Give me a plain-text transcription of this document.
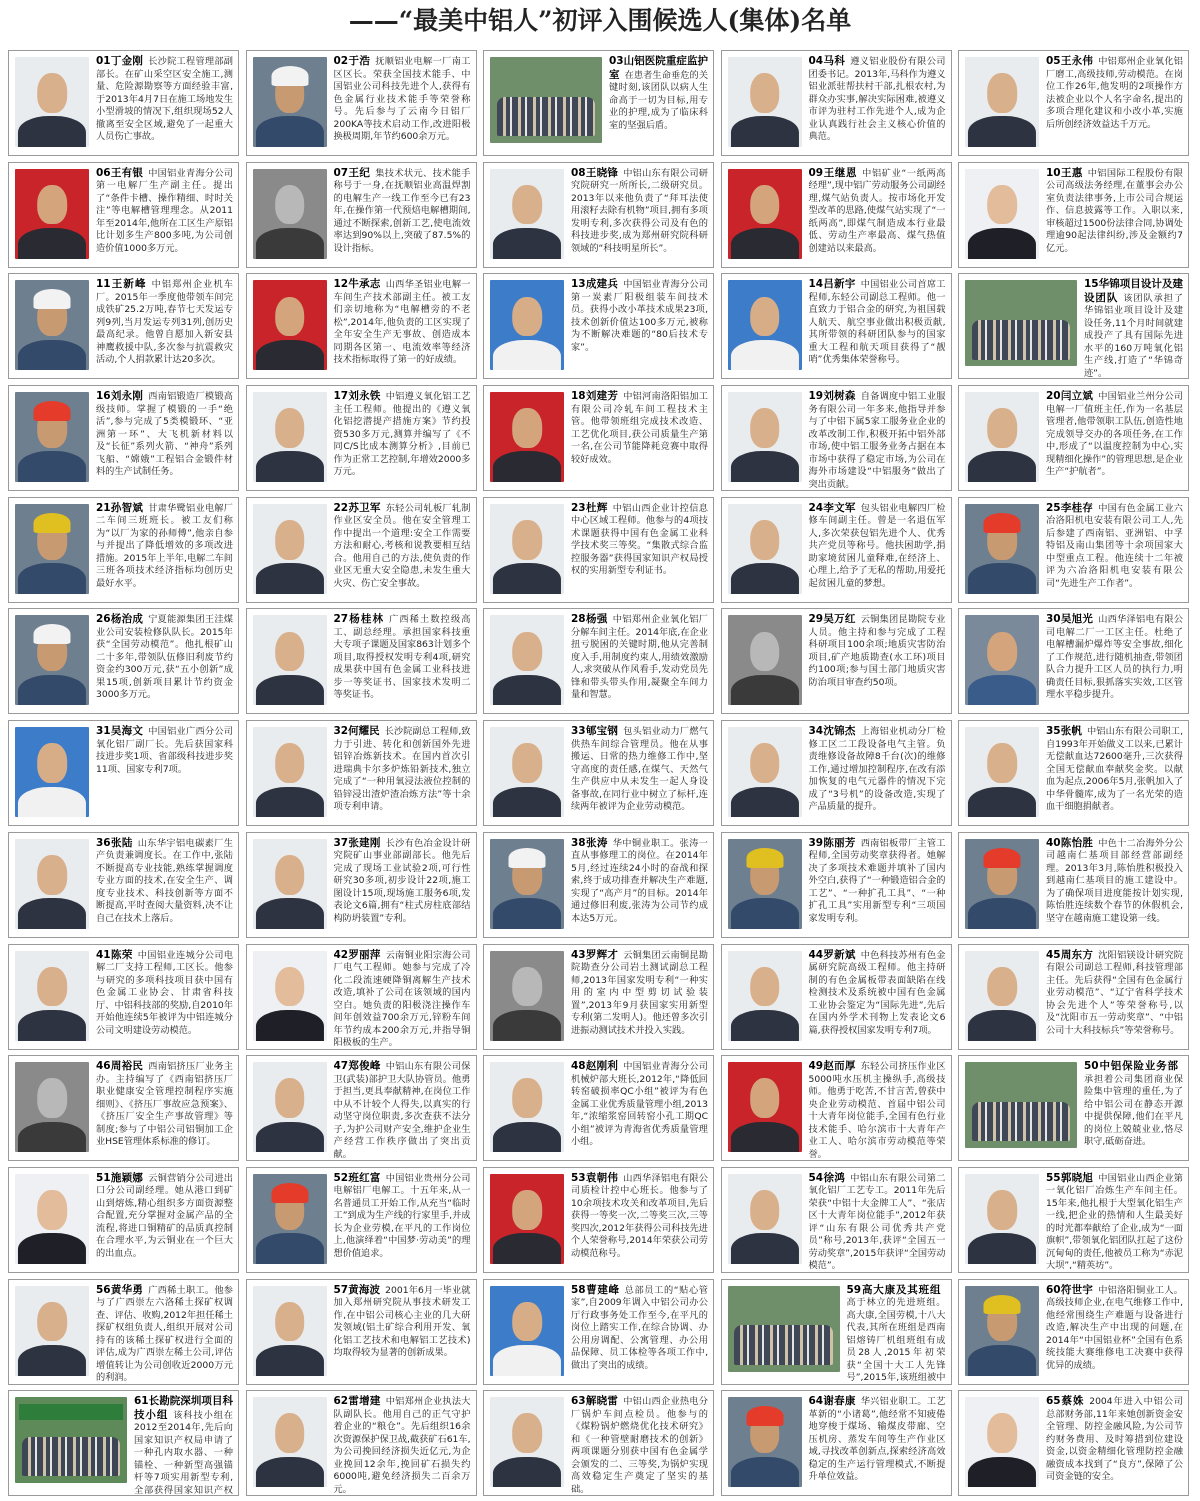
——“最美中铝人”初评入围候选人(集体)名单
01丁金刚 长沙院工程管理部副部长。在矿山采空区安全施工,测量、危险源勘察等方面经验丰富,于2013年4月7日在施工场地发生小型滑坡的情况下,组织现场52人撤离至安全区域,避免了一起重大人员伤亡事故。
02于浩 抚顺铝业电解一厂南工区区长。荣获全国技术能手、中国铝业公司科技先进个人,获得有色金属行业技术能手等荣誉称号。先后参与了云南今日铝厂200KA等技术启动工作,改进阳极换极周期,年节约600余万元。
03山铝医院重症监护室 在患者生命垂危的关键时刻,该团队以病人生命高于一切为目标,用专业的护理,成为了临床科室的坚强后盾。
04马科 遵义铝业股份有限公司团委书记。2013年,马科作为遵义铝业派驻帮扶村干部,扎根农村,为群众办实事,解决实际困难,被遵义市评为驻村工作先进个人,成为企业认真践行社会主义核心价值的典范。
05王永伟 中铝郑州企业氧化铝厂磨工,高级技师,劳动模范。在岗位工作26年,他发明的2项操作方法被企业以个人名字命名,提出的多项合理化建议和小改小革,实施后所创经济效益达千万元。
06王有银 中国铝业青海分公司第一电解厂生产副主任。提出了“条件卡槽、操作精细、时时关注”等电解槽管理理念。从2011年至2014年,他所在工区生产原铝比计划多生产800多吨,为公司创造价值1000多万元。
07王纪 集技术状元、技术能手称号于一身,在抚顺铝业高温焊割的电解生产一线工作至今已有23年,在操作第一代预焙电解槽期间,通过不断探索,创新工艺,使电流效率达到90%以上,突破了87.5%的设计指标。
08王晓锋 中铝山东有限公司研究院研究一所所长,二级研究员。2013年以来他负责了“拜耳法使用滚籽去除有机物”项目,拥有多项发明专利,多次获得公司及有色的科技进步奖,成为郑州研究院科研领域的“科技明星所长”。
09王继恩 中铝矿业“一纸两高经理”,现中铝广劳动服务公司副经理,煤气站负责人。按市场化开发型改革的思路,使煤气站实现了“一纸两高”,即煤气制造成本行业最低、劳动生产率最高、煤气热值创建站以来最高。
10王惠 中铝国际工程股份有限公司高级法务经理,在董事会办公室负责法律事务,上市公司合规运作、信息披露等工作。入职以来,审核超过1500份法律合同,协调处理逾90起法律纠纷,涉及金额约7亿元。
11王新峰 中铝郑州企业机车厂。2015年一季度他带领车间完成铁矿25.2万吨,春节七天发运专列9列,当月发运专列31列,创历史最高纪录。他曾自愿加入新安县神鹰救援中队,多次参与抗震救灾活动,个人捐款累计达20多次。
12牛承志 山西华圣铝业电解一车间生产技术部副主任。被工友们亲切地称为“电解槽旁的不老松”,2014年,他负责的工区实现了全年安全生产无事故、创造成本同期各区第一、电流效率等经济技术指标取得了第一的好成绩。
13成建兵 中国铝业青海分公司第一炭素厂阳极组装车间技术员。获得小改小革技术成果23项,技术创新价值达100多万元,被称为不断解决难题的“80后技术专家”。
14吕新宇 中国铝业公司首席工程师,东轻公司副总工程师。他一直致力于铝合金的研究,为祖国载人航天、航空事业做出积极贡献,其所带领的科研团队参与的国家重大工程和航天项目获得了“靓哨”优秀集体荣誉称号。
15华锦项目设计及建设团队 该团队承担了华锦铝业项目设计及建设任务,11个月时间就建成投产了具有国际先进水平的160万吨氧化铝生产线,打造了“华锦奇迹”。
16刘永刚 西南铝锻造厂模锻高级技师。掌握了模锻的一手“绝活”,参与完成了5类模锻环、“亚洲第一环”、大飞机新材料以及“长征”系列火箭、“神舟”系列飞船、“嫦娥”工程铝合金锻件材料的生产试制任务。
17刘永铁 中铝遵义氧化铝工艺主任工程师。他提出的《遵义氧化铝挖潜提产措施方案》节约投资530多万元,测算并编写了《不同C/S比成本测算分析》,目前已作为正常工艺控制,年增效2000多万元。
18刘建芳 中铝河南洛阳铝加工有限公司冷轧车间工程技术主管。他带领班组完成技术改造、工艺优化项目,获公司质量生产第一名,在公司节能降耗竞赛中取得较好成效。
19刘树森 自备调度中铝工业服务有限公司一年多来,他指导并参与了中铝下属5家工服务业企业的改革改制工作,积极开拓中铝外部市场,使中铝工服务业务占据在本市场中获得了稳定市场,为公司在海外市场建设“中铝服务”做出了突出贡献。
20闫立斌 中国铝业兰州分公司电解一厂值班主任,作为一名基层管理者,他带领职工队伍,创造性地完成领导交办的各项任务,在工作中,形成了“以温度控制为中心,实现精细化操作”的管理思想,是企业生产“护航者”。
21孙智斌 甘肃华鹭铝业电解厂二车间三班班长。被工友们称为“以厂为家的孙师傅”,他亲自参与并提出了降低增效的多项改进措施。2015年上半年,电解二车间三班各项技术经济指标均创历史最好水平。
22苏卫军 东轻公司轧板厂轧制作业区安全员。他在安全管理工作中提出一个道理:安全工作需要方法和耐心,考核和说教要相互结合。他用自己的方法,使负责的作业区无重大安全隐患,未发生重大火灾、伤亡安全事故。
23杜辉 中铝山西企业计控信息中心区域工程师。他参与的4项技术课题获得中国有色金属工业科学技术奖三等奖。“集散式综合监控服务器”获得国家知识产权局授权的实用新型专利证书。
24李文军 包头铝业电解四厂检修车间副主任。曾是一名退伍军人,多次荣获包铝先进个人、优秀共产党员等称号。他扶困助学,捐助家境贫困儿童释难,在经济上、心理上,给予了无私的帮助,用爱托起贫困儿童的梦想。
25李桂存 中国有色金属工业六冶洛阳机电安装有限公司工人,先后参建了西南铝、亚洲铝、中孚特铝及南山集团等十余项国家大中型重点工程。他连续十二年被评为六冶洛阳机电安装有限公司“先进生产工作者”。
26杨治成 宁夏能源集团王洼煤业公司安装检修队队长。2015年获“全国劳动模范”。他扎根矿山二十多年,带领队伍修旧利废节约资金约300万元,获“五小创新”成果15项,创新项目累计节约资金3000多万元。
27杨桂林 广西稀土数控级高工、副总经理。承担国家科技重大专项子课题及国家863计划多个项目,取得授权发明专利4项,研究成果获中国有色金属工业科技进步一等奖证书、国家技术发明二等奖证书。
28杨强 中铝郑州企业氧化铝厂分解车间主任。2014年底,在企业扭亏脱困的关键时期,他从完善制度入手,用制度约束人,用绩效激励人,求突破从作风看手,发动党员先锋和带头带头作用,凝聚全车间力量和智慧。
29吴万红 云铜集团昆勘院专业人员。他主持和参与完成了工程科研项目100余项;地质灾害防治项目,矿产地质勘查(水工环)项目约100项;参与国土部门地质灾害防治项目审查约50项。
30吴旭光 山西华泽铝电有限公司电解二厂一工区主任。杜绝了电解槽漏炉爆炸等安全事故,细化了工作规范,进行随机抽查,带领团队合力提升工区人员的执行力,明确责任目标,狠抓落实实效,工区管理水平稳步提升。
31吴海文 中国铝业广西分公司氧化铝厂副厂长。先后获国家科技进步奖1项、省部级科技进步奖11项、国家专利7项。
32何耀民 长沙院副总工程师,致力于引进、转化和创新国外先进铝锌冶炼新技术。在国内首次引进瑞典卡尔多炉炼铅新技术,独立完成了“一种用氧浸法液位控制的铅锌浸出渣炉渣冶炼方法”等十余项专利申请。
33郇宝钢 包头铝业动力厂燃气供热车间综合管理员。他在从事搬运、日常的热力维修工作中,坚守高度的责任感,在煤气、天然气生产供应中从未发生一起人身设备事故,在同行业中树立了标杆,连续两年被评为企业劳动模范。
34沈锦杰 上海铝业机动分厂检修工区二工段设备电气主管。负责维修设备故障8千台(次)的维修工作,通过增加控制程序,在改有添加恢复的电气元器件的情况下完成了“3号机”的设备改造,实现了产品质量的提升。
35张帆 中铝山东有限公司职工,自1993年开始做义工以来,已累计无偿献血达72600毫升,三次获得全国无偿献血奉献奖金奖。以献血为起点,2006年5月,张帆加入了中华骨髓库,成为了一名光荣的造血干细胞捐献者。
36张陆 山东华宇铝电碳素厂生产负责兼调度长。在工作中,张陆不断提高专业技能,熟练掌握调度专业方面的技术,在安全生产、调度专业技术、科技创新等方面不断提高,平时查阅大量资料,决不让自己在技术上落后。
37张建刚 长沙有色冶金设计研究院矿山事业部副部长。他先后完成了现场工业试验2项,可行性研究30多项,初步设计22项,施工图设计15项,现场施工服务6项,发表论文6篇,拥有“柱式房柱底部结构防坍装置”专利。
38张涛 华中铜业职工。张涛一直从事修理工的岗位。在2014年5月,经过连续24小时的奋战和探索,终于成功排查并解决生产难题,实现了“高产月”的目标。2014年通过修旧利废,张涛为公司节约成本达5万元。
39陈丽芳 西南铝板带厂主管工程师,全国劳动奖章获得者。她解决了多项技术难题并填补了国内外空白,获得了“一种锻造铝合金的工艺”、“一种扩孔工具”、“一种扩孔工具”实用新型专利“三项国家发明专利。
40陈怡胜 中色十二冶海外分公司越南仁基项目部经营部副经理。2013年3月,陈怡胜积极投入到越南仁基项目的施工建设中。为了确保项目进度能按计划实现,陈怡胜连续数个春节的休假机会,坚守在越南施工建设第一线。
41陈荣 中国铝业连城分公司电解二厂支持工程师,工区长。他参与研究的多项科技项目获中国有色金属工业协会、甘肃省科技厅、中铝科技部的奖励,自2010年开始他连续5年被评为中铝连城分公司文明建设劳动模范。
42罗丽萍 云南铜业阳宗海公司厂电气工程师。她参与完成了冷化二段流速硬降铜离解生产技术改造,填补了公司在该领域的国内空白。她负责的阳极浇注操作车间年创效益700余万元,锌粉车间年节约成本200余万元,并指导铜阳极板的生产。
43罗辉才 云铜集团云南铜昆勘院勘查分公司岩土测试副总工程师,2013年国家发明专利“一种实用的室内中型剪切试验装置”,2013年9月获国家实用新型专利(第二发明人)。他还曾多次引进振动测试技术并投入实践。
44罗新斌 中色科技苏州有色金属研究院高级工程师。他主持研制的有色金属板带表面缺陷在线检测技术及系统被中国有色金属工业协会鉴定为“国际先进”,先后在国内外学术刊物上发表论文6篇,获得授权国家发明专利7项。
45周东方 沈阳铝镁设计研究院有限公司副总工程师,科技管理部主任。先后获得“全国有色金属行业劳动模范”、“辽宁省科学技术协会先进个人”等荣誉称号,以及“沈阳市五一劳动奖章”、“中铝公司十大科技标兵”等荣誉称号。
46周裕民 西南铝挤压厂业务主办。主持编写了《西南铝挤压厂职业健康安全管理控制程序实施细则》、《挤压厂事故应急预案》、《挤压厂安全生产事故管理》等制度;参与了中铝公司铝铜加工企业HSE管理体系标准的修订。
47郑俊峰 中铝山东有限公司保卫(武装)部护卫大队协管员。他勇于担当,更具奉献精神,在岗位工作中从不计较个人得失,以真实的行动坚守岗位职责,多次查获不法分子,为护公司财产安全,维护企业生产经营工作秩序做出了突出贡献。
48赵刚利 中国铝业青海分公司机械炉部大班长,2012年,“降低回转窑破损率QC小组”被评为有色金属工业优秀质量管理小组,2013年,“浓缩浆窑回转窑小孔工期QC小组”被评为青海省优秀质量管理小组。
49赵而厚 东轻公司挤压作业区5000吨水压机主操纵手,高级技师。他勇于吃苦,不甘言苦,曾获中央企业劳动模范、首届中铝公司十大青年岗位能手,全国有色行业技术能手、哈尔滨市十大青年产业工人、哈尔滨市劳动模范等荣誉。
50中铝保险业务部承担着公司集团商业保险集中管理的重任,为了给中铝公司在静态开源中提供保障,他们在平凡的岗位上兢兢业业,恪尽职守,砥砺奋进。
51施颖娜 云铜营销分公司进出口分公司副经理。她从港口到矿山到熔炼,精心组织多方面资源整合配置,充分掌握对金属产品的全流程,将进口铜精矿的品质真控制在合理水平,为云铜业在一个巨大的出血点。
52班红富 中国铝业贵州分公司电解铝厂电解工。十五年来,从一名普通员工开始工作,从充当“临时工”到成为生产线的行家里手,并成长为企业劳模,在平凡的工作岗位上,他演绎着“中国梦·劳动美”的理想价值追求。
53袁朝伟 山西华泽铝电有限公司质检计控中心班长。他参与了10余项技术攻关和改革项目,先后获得一等奖一次,二等奖三次,三等奖四次,2012年获得公司科技先进个人荣誉称号,2014年荣获公司劳动模范称号。
54徐鸿 中铝山东有限公司第二氧化铝厂工艺专工。2011年先后荣获“中铝十大金牌工人”、“张店区十大青年岗位能手”,2012年获评“山东有限公司优秀共产党员”称号,2013年,获评“全国五一劳动奖章”,2015年获评“全国劳动模范”。
55郭晓旭 中国铝业山西企业第一氧化铝厂冶炼生产车间主任。15年来,他扎根于大型氧化铝生产一线,把企业的热情和人生最美好的时光都奉献给了企业,成为“一面旗帜”,带领氧化铝团队扛起了这份沉甸甸的责任,他被员工称为“赤泥大坝”,“精英坊”。
56黄华勇 广西稀土职工。他参与了广西崇左六洛稀土探矿权调查、评估、收购,2012年担任稀土探矿权组负责人,组织开展对公司持有的该稀土探矿权进行全面的评估,成为广西崇左稀土公司,评估增值转让为公司创收近2000万元的利润。
57黄海波 2001年6月一毕业就加入郑州研究院从事技术研发工作,在中铝公司核心主业的几大研发领域(铝土矿综合利用开发、氧化铝工艺技术和电解铝工艺技术)均取得较为显著的创新成果。
58曹建峰 总部员工的“贴心管家”,自2009年调入中铝公司办公厅行政事务处工作至今,在平凡的岗位上踏实工作,在综合协调、办公用房调配、公寓管理、办公用品保障、员工体检等各项工作中,做出了突出的成绩。
59高大康及其班组高于林立的先进班组。高大康,全国劳模,十八大代表,其所在班组是西南铝熔铸厂机组班组有成员28人,2015年初荣获“全国十大工人先锋号”,2015年,该班组被中
60符世宇 中铝洛阳铜业工人。高级技师企业,在电气维修工作中,他经常围绕生产难题与设备进行改造,解决生产中出现的问题,在2014年“中国铝业杯”全国有色系统技能大赛维修电工决赛中获得优异的成绩。
61长勘院深圳项目科技小组 该科技小组在2012至2014年,先后向国家知识产权局申请了一种孔内取水器、一种锚栓、一种新型高强锚杆等7项实用新型专利,全部获得国家知识产权
62雷增建 中铝郑州企业执法大队副队长。他用自己的正气守护着企业的“粮仓”。先后组织16余次资源保护保卫战,截获矿石61车,为公司挽回经济损失近亿元,为企业挽回12余年,挽回矿石损失约6000吨,避免经济损失二百余万元。
63解晓雷 中铝山西企业热电分厂锅炉车间点检员。他参与的《煤粉锅炉燃烧优化技术研究》和《一种管壁耐磨技术的创新》两项课题分别获中国有色金属学会颁发的二、三等奖,为锅炉实现高效稳定生产奠定了坚实的基础。
64谢春康 华兴铝业职工。工艺革新的“小诸葛”,他经常不知疲倦地穿梭于煤场、输煤皮带廊、空压机房、蒸发车间等生产作业区域,寻找改革创新点,探索经济高效稳定的生产运行管理模式,不断提升单位效益。
65蔡姝 2004年进入中铝公司总部财务部,11年来她创新资金安全管理、防控金融风险,为公司节约财务费用、及时筹措到位建设资金,以资金精细化管理防控金融融资成本找到了“良方”,保障了公司资金链的安全。
